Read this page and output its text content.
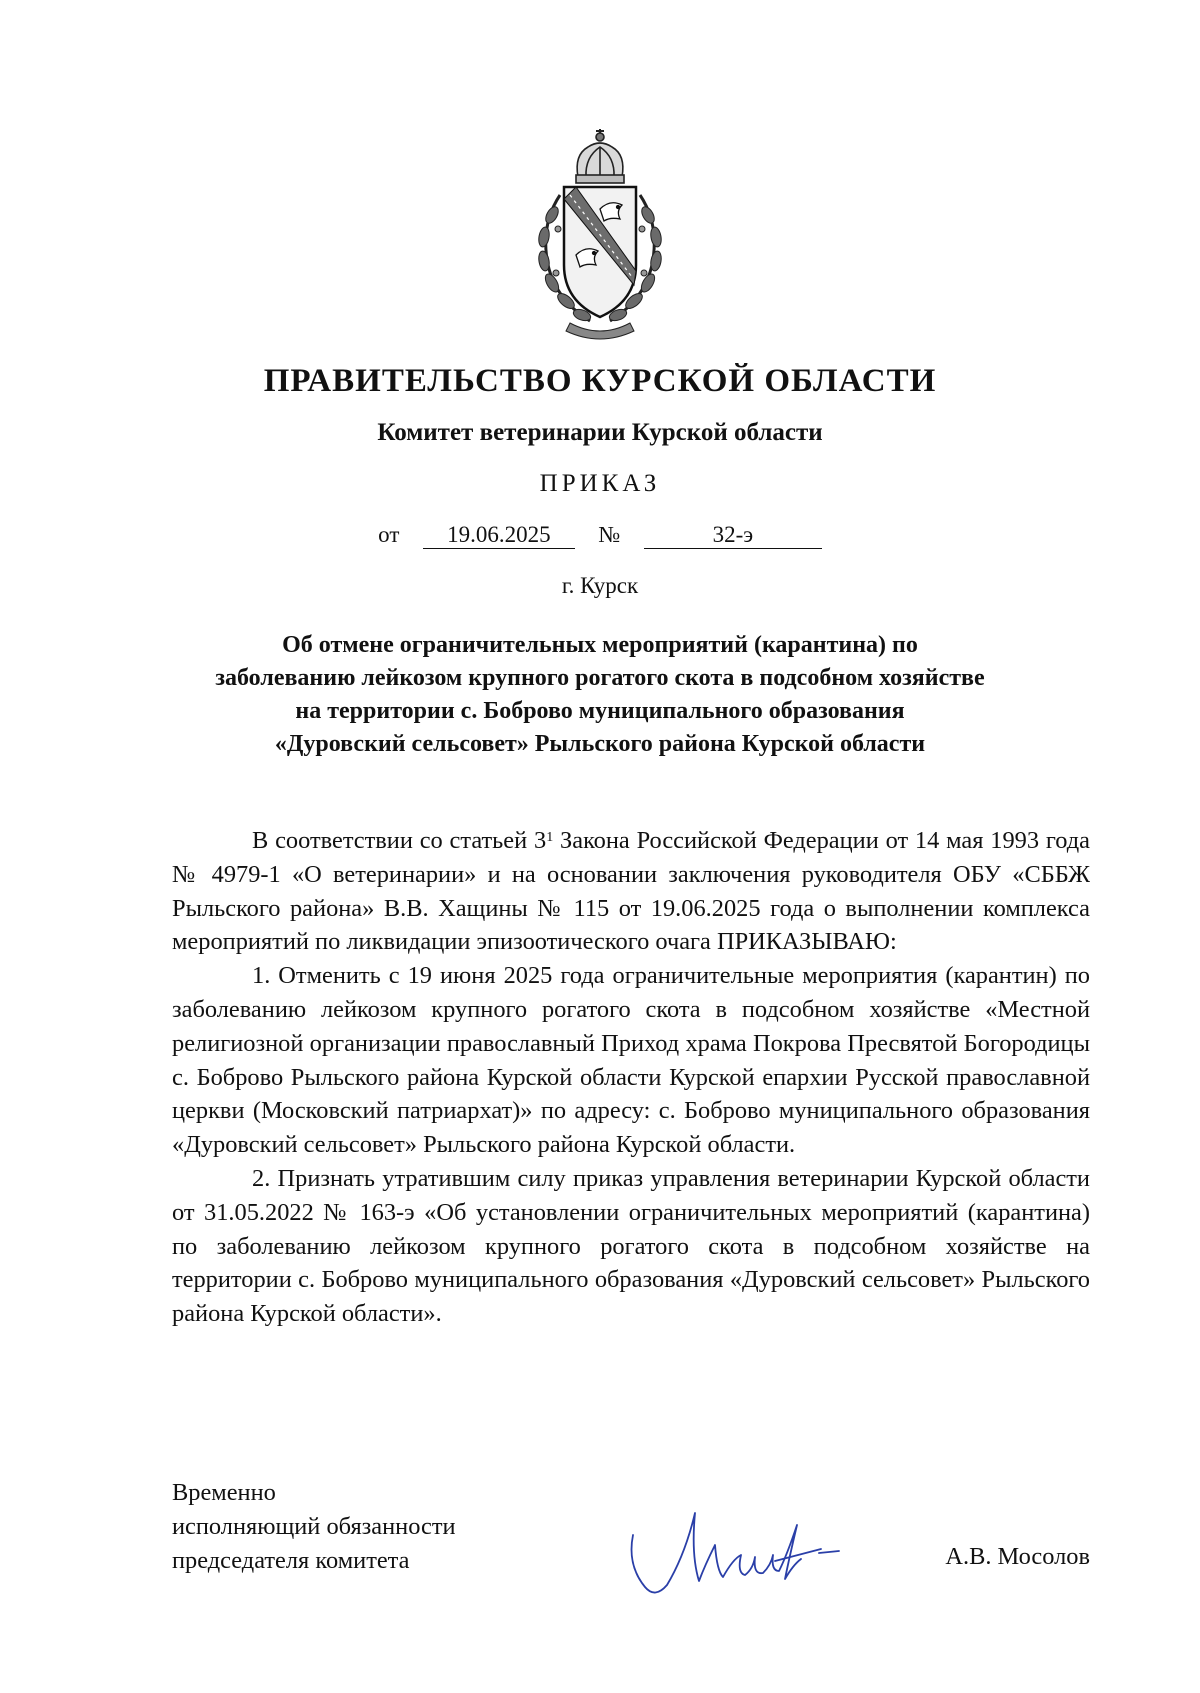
ПРАВИТЕЛЬСТВО КУРСКОЙ ОБЛАСТИ
Комитет ветеринарии Курской области
ПРИКАЗ
от 19.06.2025 №	32-э
г. Курск
Об отмене ограничительных мероприятий (карантина) по
заболеванию лейкозом крупного рогатого скота в подсобном хозяйстве
на территории с. Боброво муниципального образования
«Дуровский сельсовет» Рыльского района Курской области

В соответствии со статьей $3^1$ Закона Российской Федерации от 14 мая 1993 года № 4979-1 «О ветеринарии» и на основании заключения руководителя ОБУ «СББЖ Рыльского района» В.В. Хащины № 115 от 19.06.2025 года о выполнении комплекса мероприятий по ликвидации эпизоотического очага ПРИКАЗЫВАЮ:

1. Отменить с 19 июня 2025 года ограничительные мероприятия (карантин) по заболеванию лейкозом крупного рогатого скота в подсобном хозяйстве «Местной религиозной организации православный Приход храма Покрова Пресвятой Богородицы с. Боброво Рыльского района Курской области Курской епархии Русской православной церкви (Московский патриархат)» по адресу: с. Боброво муниципального образования «Дуровский сельсовет» Рыльского района Курской области.

2. Признать утратившим силу приказ управления ветеринарии Курской области от 31.05.2022 № 163-э «Об установлении ограничительных мероприятий (карантина) по заболеванию лейкозом крупного рогатого скота в подсобном хозяйстве на территории с. Боброво муниципального образования «Дуровский сельсовет» Рыльского района Курской области».

Временно
исполняющий обязанности
председателя комитета	А.В. Мосолов
